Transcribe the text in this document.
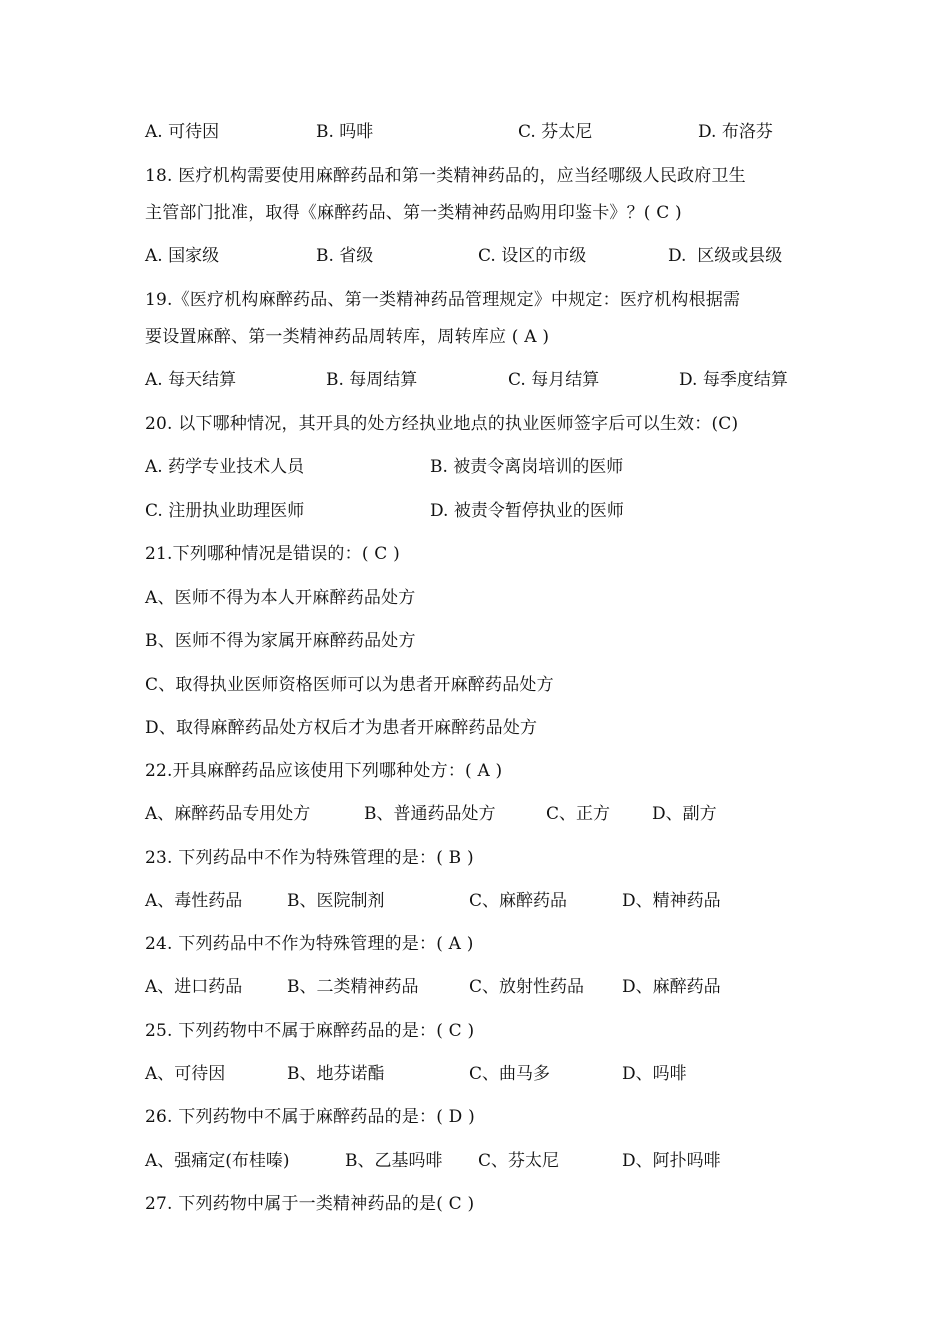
A. 可待因	B. 吗啡	C. 芬太尼	D. 布洛芬
18. 医疗机构需要使用麻醉药品和第一类精神药品的，应当经哪级人民政府卫生
主管部门批准，取得《麻醉药品、第一类精神药品购用印鉴卡》？( C )
A. 国家级	B. 省级	C. 设区的市级	D.  区级或县级
19.《医疗机构麻醉药品、第一类精神药品管理规定》中规定：医疗机构根据需
要设置麻醉、第一类精神药品周转库，周转库应 ( A )
A. 每天结算	B. 每周结算	C. 每月结算	D. 每季度结算
20. 以下哪种情况，其开具的处方经执业地点的执业医师签字后可以生效：(C)
A. 药学专业技术人员	B. 被责令离岗培训的医师
C. 注册执业助理医师	D. 被责令暂停执业的医师
21.下列哪种情况是错误的：( C )
A、医师不得为本人开麻醉药品处方
B、医师不得为家属开麻醉药品处方
C、取得执业医师资格医师可以为患者开麻醉药品处方
D、取得麻醉药品处方权后才为患者开麻醉药品处方
22.开具麻醉药品应该使用下列哪种处方：( A )
A、麻醉药品专用处方	B、普通药品处方	C、正方 D、副方
23. 下列药品中不作为特殊管理的是：( B )
A、毒性药品	B、医院制剂	C、麻醉药品	D、精神药品
24. 下列药品中不作为特殊管理的是：( A )
A、进口药品	B、二类精神药品	C、放射性药品 D、麻醉药品
25. 下列药物中不属于麻醉药品的是：( C )
A、可待因	B、地芬诺酯	C、曲马多	D、吗啡
26. 下列药物中不属于麻醉药品的是：( D )
A、强痛定(布桂嗪)	B、乙基吗啡 C、芬太尼	D、阿扑吗啡
27. 下列药物中属于一类精神药品的是( C )
